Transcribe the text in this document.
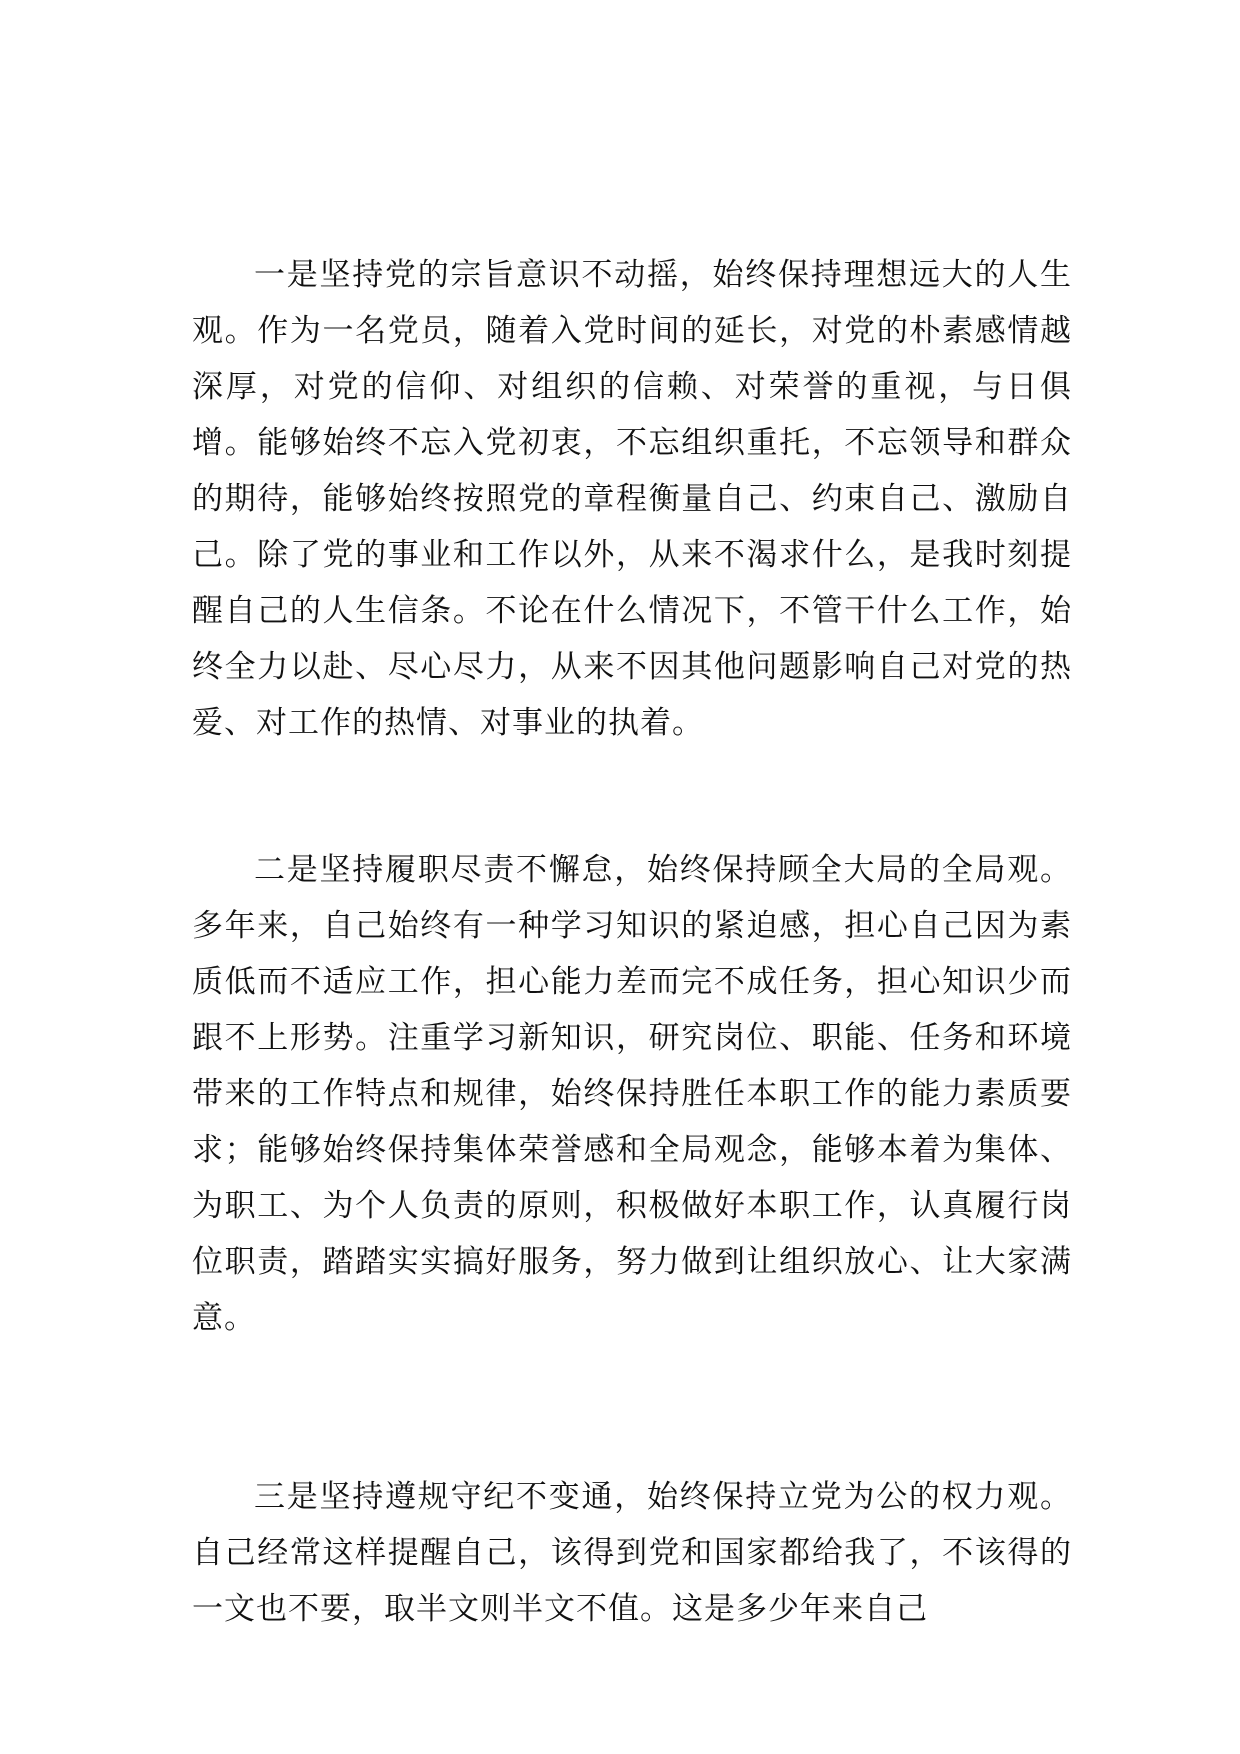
一是坚持党的宗旨意识不动摇，始终保持理想远大的人生观。作为一名党员，随着入党时间的延长，对党的朴素感情越深厚，对党的信仰、对组织的信赖、对荣誉的重视，与日俱增。能够始终不忘入党初衷，不忘组织重托，不忘领导和群众的期待，能够始终按照党的章程衡量自己、约束自己、激励自己。除了党的事业和工作以外，从来不渴求什么，是我时刻提醒自己的人生信条。不论在什么情况下，不管干什么工作，始终全力以赴、尽心尽力，从来不因其他问题影响自己对党的热爱、对工作的热情、对事业的执着。

二是坚持履职尽责不懈怠，始终保持顾全大局的全局观。多年来，自己始终有一种学习知识的紧迫感，担心自己因为素质低而不适应工作，担心能力差而完不成任务，担心知识少而跟不上形势。注重学习新知识，研究岗位、职能、任务和环境带来的工作特点和规律，始终保持胜任本职工作的能力素质要求；能够始终保持集体荣誉感和全局观念，能够本着为集体、为职工、为个人负责的原则，积极做好本职工作，认真履行岗位职责，踏踏实实搞好服务，努力做到让组织放心、让大家满意。

三是坚持遵规守纪不变通，始终保持立党为公的权力观。自己经常这样提醒自己，该得到党和国家都给我了，不该得的一文也不要，取半文则半文不值。这是多少年来自己
